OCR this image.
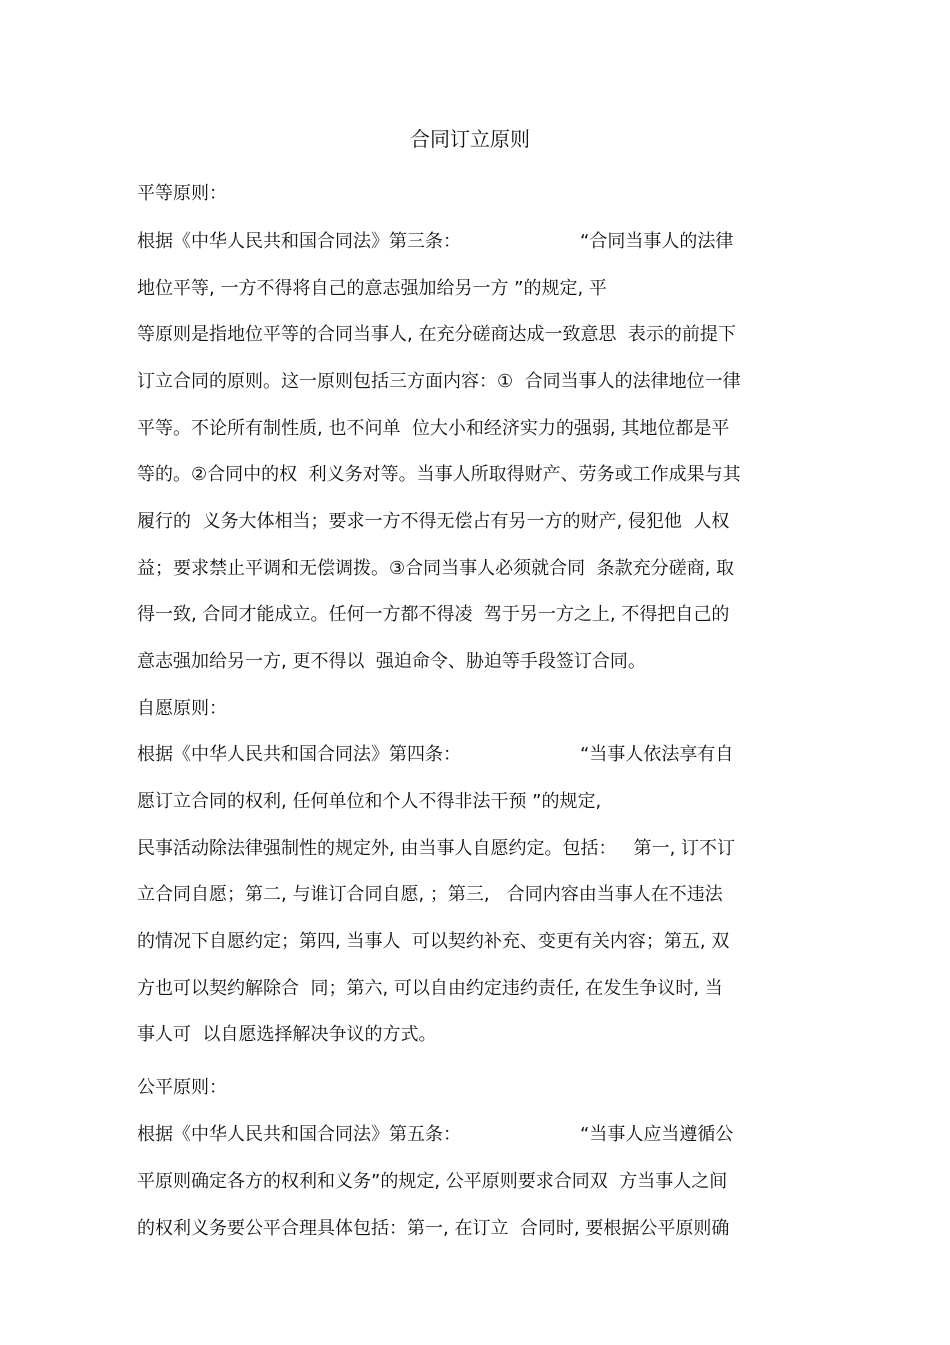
合同订立原则
平等原则：
根据《中华人民共和国合同法》第三条：	“合同当事人的法律
地位平等, 一方不得将自己的意志强加给另一方 ”的规定, 平
等原则是指地位平等的合同当事人, 在充分磋商达成一致意思  表示的前提下
订立合同的原则。这一原则包括三方面内容：①  合同当事人的法律地位一律
平等。不论所有制性质, 也不问单  位大小和经济实力的强弱, 其地位都是平
等的。②合同中的权  利义务对等。当事人所取得财产、劳务或工作成果与其
履行的  义务大体相当；要求一方不得无偿占有另一方的财产, 侵犯他  人权
益；要求禁止平调和无偿调拨。③合同当事人必须就合同  条款充分磋商, 取
得一致, 合同才能成立。任何一方都不得凌  驾于另一方之上, 不得把自己的
意志强加给另一方, 更不得以  强迫命令、胁迫等手段签订合同。
自愿原则：
根据《中华人民共和国合同法》第四条：	“当事人依法享有自
愿订立合同的权利, 任何单位和个人不得非法干预 ”的规定,
民事活动除法律强制性的规定外, 由当事人自愿约定。包括：   第一, 订不订
立合同自愿；第二, 与谁订合同自愿, ；第三,   合同内容由当事人在不违法
的情况下自愿约定；第四, 当事人  可以契约补充、变更有关内容；第五, 双
方也可以契约解除合  同；第六, 可以自由约定违约责任, 在发生争议时, 当
事人可  以自愿选择解决争议的方式。
公平原则：
根据《中华人民共和国合同法》第五条：	“当事人应当遵循公
平原则确定各方的权利和义务”的规定, 公平原则要求合同双  方当事人之间
的权利义务要公平合理具体包括：第一, 在订立  合同时, 要根据公平原则确
